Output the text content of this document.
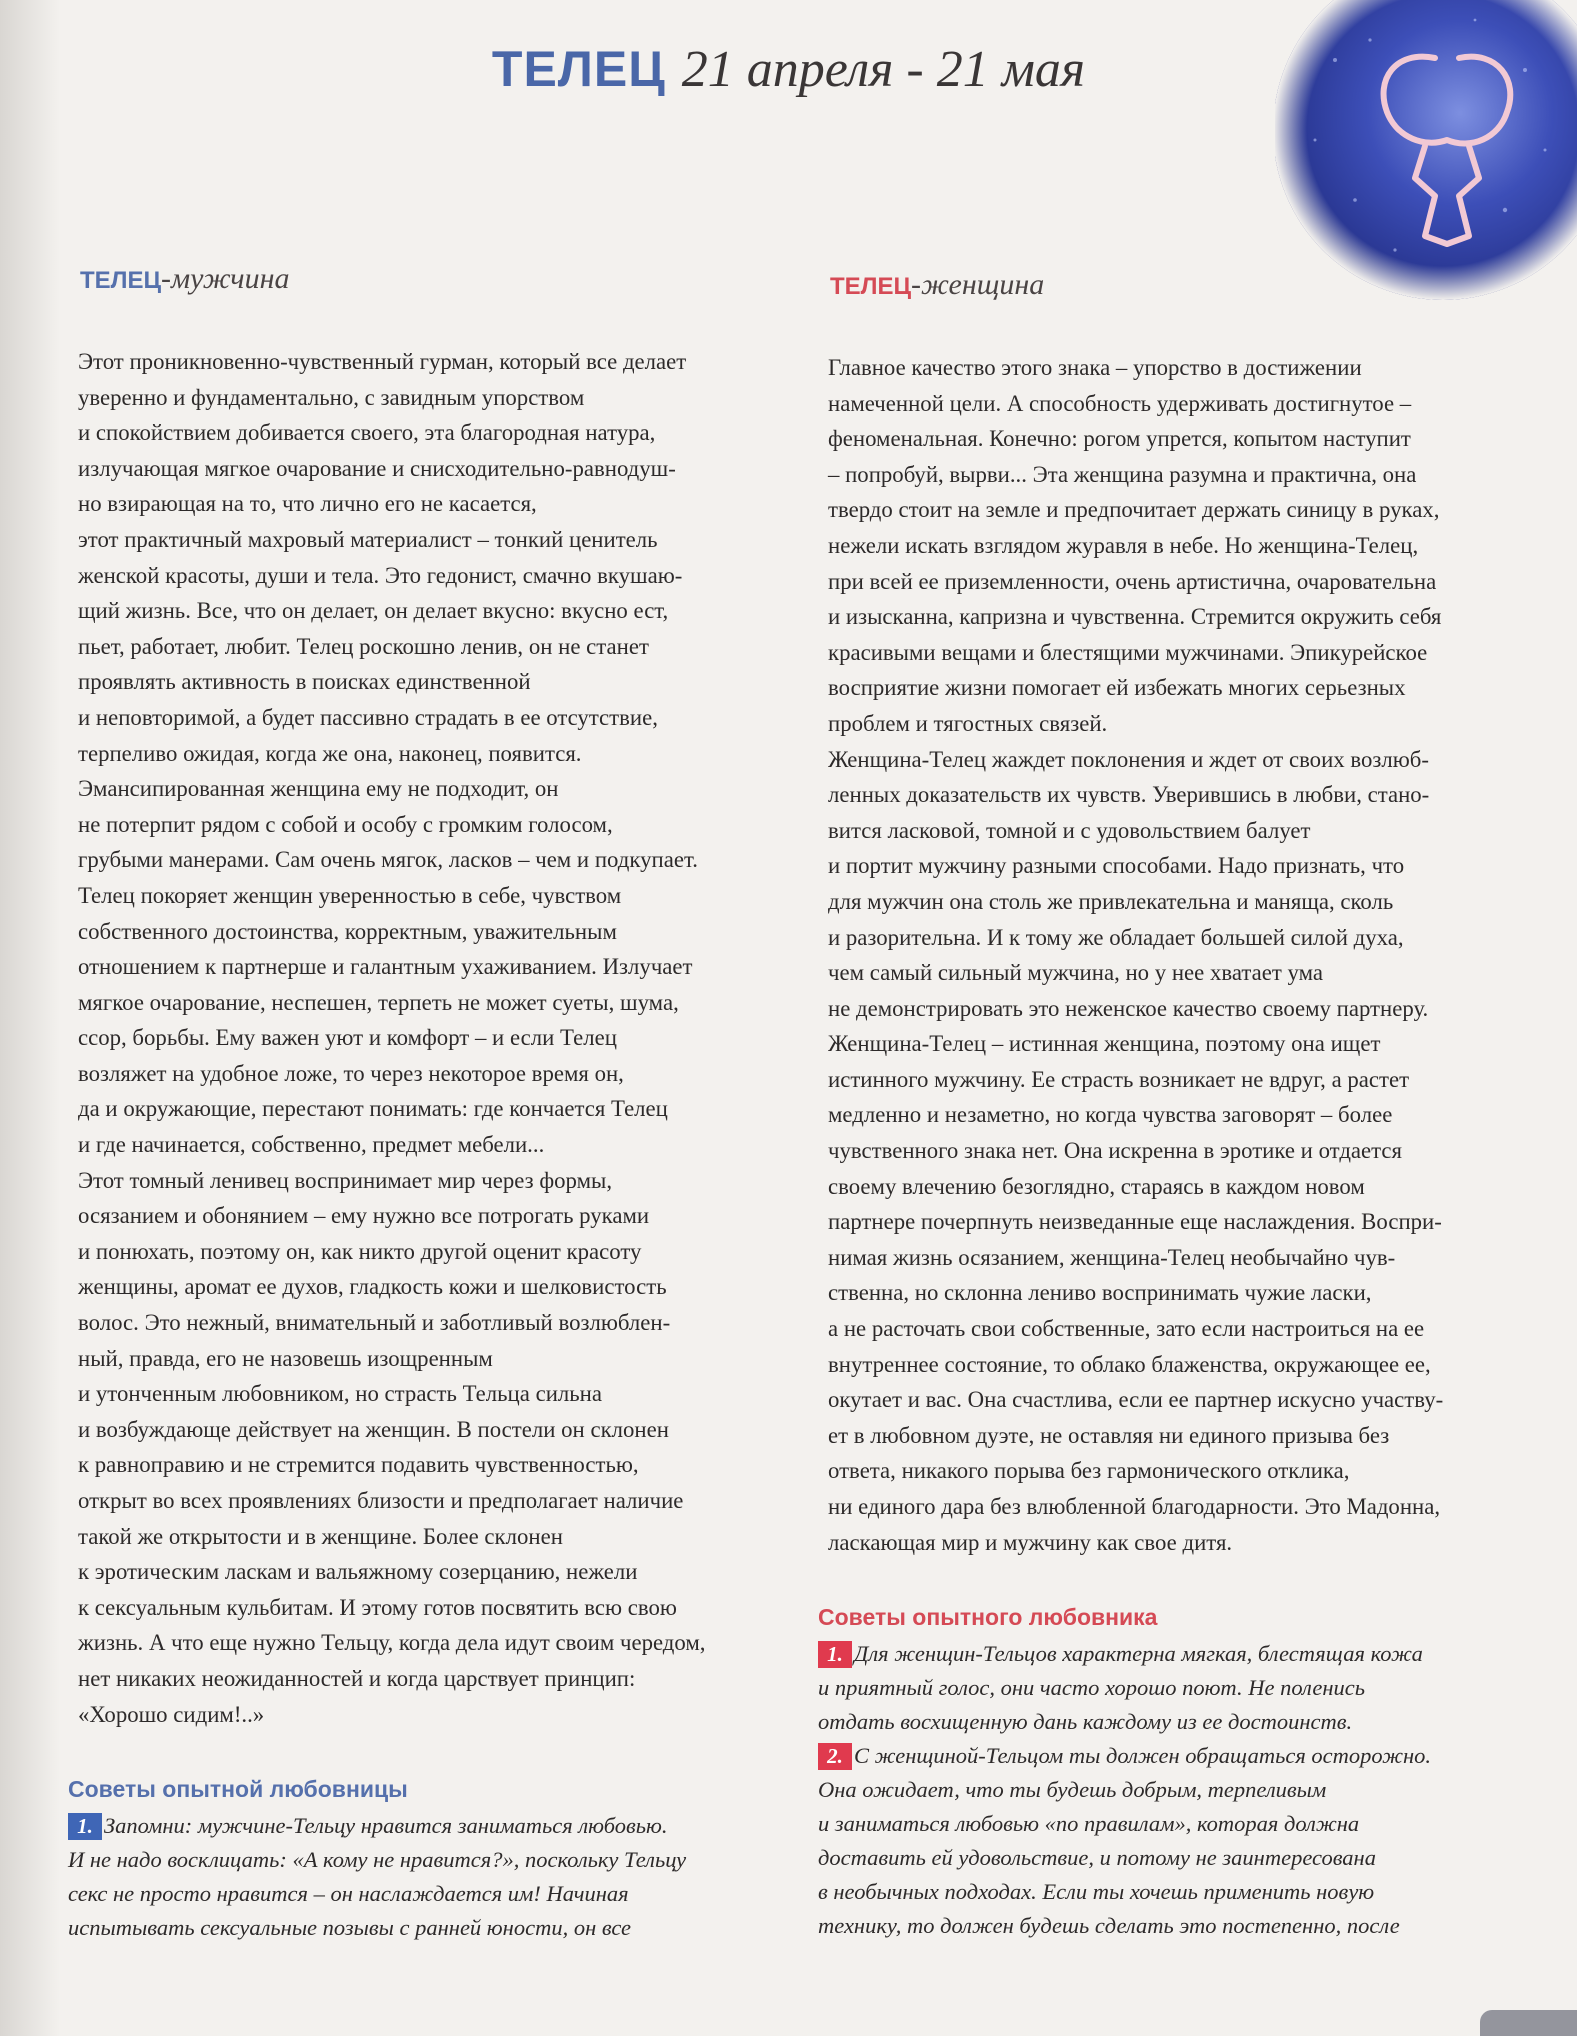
ТЕЛЕЦ 21 апреля - 21 мая
ТЕЛЕЦ-мужчина
Этот проникновенно-чувственный гурман, который все делает
уверенно и фундаментально, с завидным упорством
и спокойствием добивается своего, эта благородная натура,
излучающая мягкое очарование и снисходительно-равнодуш-
но взирающая на то, что лично его не касается,
этот практичный махровый материалист – тонкий ценитель
женской красоты, души и тела. Это гедонист, смачно вкушаю-
щий жизнь. Все, что он делает, он делает вкусно: вкусно ест,
пьет, работает, любит. Телец роскошно ленив, он не станет
проявлять активность в поисках единственной
и неповторимой, а будет пассивно страдать в ее отсутствие,
терпеливо ожидая, когда же она, наконец, появится.
Эмансипированная женщина ему не подходит, он
не потерпит рядом с собой и особу с громким голосом,
грубыми манерами. Сам очень мягок, ласков – чем и подкупает.
Телец покоряет женщин уверенностью в себе, чувством
собственного достоинства, корректным, уважительным
отношением к партнерше и галантным ухаживанием. Излучает
мягкое очарование, неспешен, терпеть не может суеты, шума,
ссор, борьбы. Ему важен уют и комфорт – и если Телец
возляжет на удобное ложе, то через некоторое время он,
да и окружающие, перестают понимать: где кончается Телец
и где начинается, собственно, предмет мебели...
Этот томный ленивец воспринимает мир через формы,
осязанием и обонянием – ему нужно все потрогать руками
и понюхать, поэтому он, как никто другой оценит красоту
женщины, аромат ее духов, гладкость кожи и шелковистость
волос. Это нежный, внимательный и заботливый возлюблен-
ный, правда, его не назовешь изощренным
и утонченным любовником, но страсть Тельца сильна
и возбуждающе действует на женщин. В постели он склонен
к равноправию и не стремится подавить чувственностью,
открыт во всех проявлениях близости и предполагает наличие
такой же открытости и в женщине. Более склонен
к эротическим ласкам и вальяжному созерцанию, нежели
к сексуальным кульбитам. И этому готов посвятить всю свою
жизнь. А что еще нужно Тельцу, когда дела идут своим чередом,
нет никаких неожиданностей и когда царствует принцип:
«Хорошо сидим!..»
Советы опытной любовницы
1. Запомни: мужчине-Тельцу нравится заниматься любовью.
И не надо восклицать: «А кому не нравится?», поскольку Тельцу
секс не просто нравится – он наслаждается им! Начиная
испытывать сексуальные позывы с ранней юности, он все
ТЕЛЕЦ-женщина
Главное качество этого знака – упорство в достижении
намеченной цели. А способность удерживать достигнутое –
феноменальная. Конечно: рогом упрется, копытом наступит
– попробуй, вырви... Эта женщина разумна и практична, она
твердо стоит на земле и предпочитает держать синицу в руках,
нежели искать взглядом журавля в небе. Но женщина-Телец,
при всей ее приземленности, очень артистична, очаровательна
и изысканна, капризна и чувственна. Стремится окружить себя
красивыми вещами и блестящими мужчинами. Эпикурейское
восприятие жизни помогает ей избежать многих серьезных
проблем и тягостных связей.
Женщина-Телец жаждет поклонения и ждет от своих возлюб-
ленных доказательств их чувств. Уверившись в любви, стано-
вится ласковой, томной и с удовольствием балует
и портит мужчину разными способами. Надо признать, что
для мужчин она столь же привлекательна и маняща, сколь
и разорительна. И к тому же обладает большей силой духа,
чем самый сильный мужчина, но у нее хватает ума
не демонстрировать это неженское качество своему партнеру.
Женщина-Телец – истинная женщина, поэтому она ищет
истинного мужчину. Ее страсть возникает не вдруг, а растет
медленно и незаметно, но когда чувства заговорят – более
чувственного знака нет. Она искренна в эротике и отдается
своему влечению безоглядно, стараясь в каждом новом
партнере почерпнуть неизведанные еще наслаждения. Воспри-
нимая жизнь осязанием, женщина-Телец необычайно чув-
ственна, но склонна лениво воспринимать чужие ласки,
а не расточать свои собственные, зато если настроиться на ее
внутреннее состояние, то облако блаженства, окружающее ее,
окутает и вас. Она счастлива, если ее партнер искусно участву-
ет в любовном дуэте, не оставляя ни единого призыва без
ответа, никакого порыва без гармонического отклика,
ни единого дара без влюбленной благодарности. Это Мадонна,
ласкающая мир и мужчину как свое дитя.
Советы опытного любовника
1. Для женщин-Тельцов характерна мягкая, блестящая кожа
и приятный голос, они часто хорошо поют. Не поленись
отдать восхищенную дань каждому из ее достоинств.
2. С женщиной-Тельцом ты должен обращаться осторожно.
Она ожидает, что ты будешь добрым, терпеливым
и заниматься любовью «по правилам», которая должна
доставить ей удовольствие, и потому не заинтересована
в необычных подходах. Если ты хочешь применить новую
технику, то должен будешь сделать это постепенно, после
